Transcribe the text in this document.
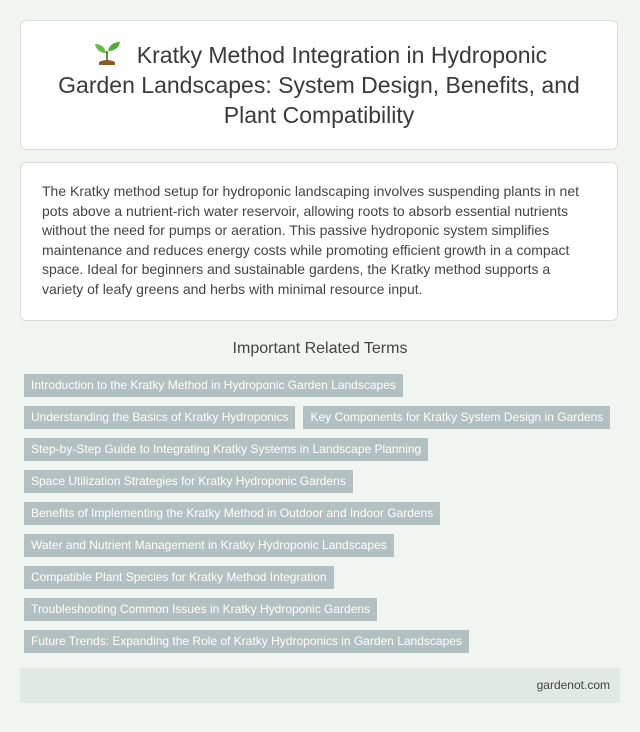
Kratky Method Integration in Hydroponic Garden Landscapes: System Design, Benefits, and Plant Compatibility

The Kratky method setup for hydroponic landscaping involves suspending plants in net pots above a nutrient-rich water reservoir, allowing roots to absorb essential nutrients without the need for pumps or aeration. This passive hydroponic system simplifies maintenance and reduces energy costs while promoting efficient growth in a compact space. Ideal for beginners and sustainable gardens, the Kratky method supports a variety of leafy greens and herbs with minimal resource input.

Important Related Terms
Introduction to the Kratky Method in Hydroponic Garden Landscapes
Understanding the Basics of Kratky Hydroponics	Key Components for Kratky System Design in Gardens
Step-by-Step Guide to Integrating Kratky Systems in Landscape Planning
Space Utilization Strategies for Kratky Hydroponic Gardens
Benefits of Implementing the Kratky Method in Outdoor and Indoor Gardens
Water and Nutrient Management in Kratky Hydroponic Landscapes
Compatible Plant Species for Kratky Method Integration
Troubleshooting Common Issues in Kratky Hydroponic Gardens
Future Trends: Expanding the Role of Kratky Hydroponics in Garden Landscapes
gardenot.com
